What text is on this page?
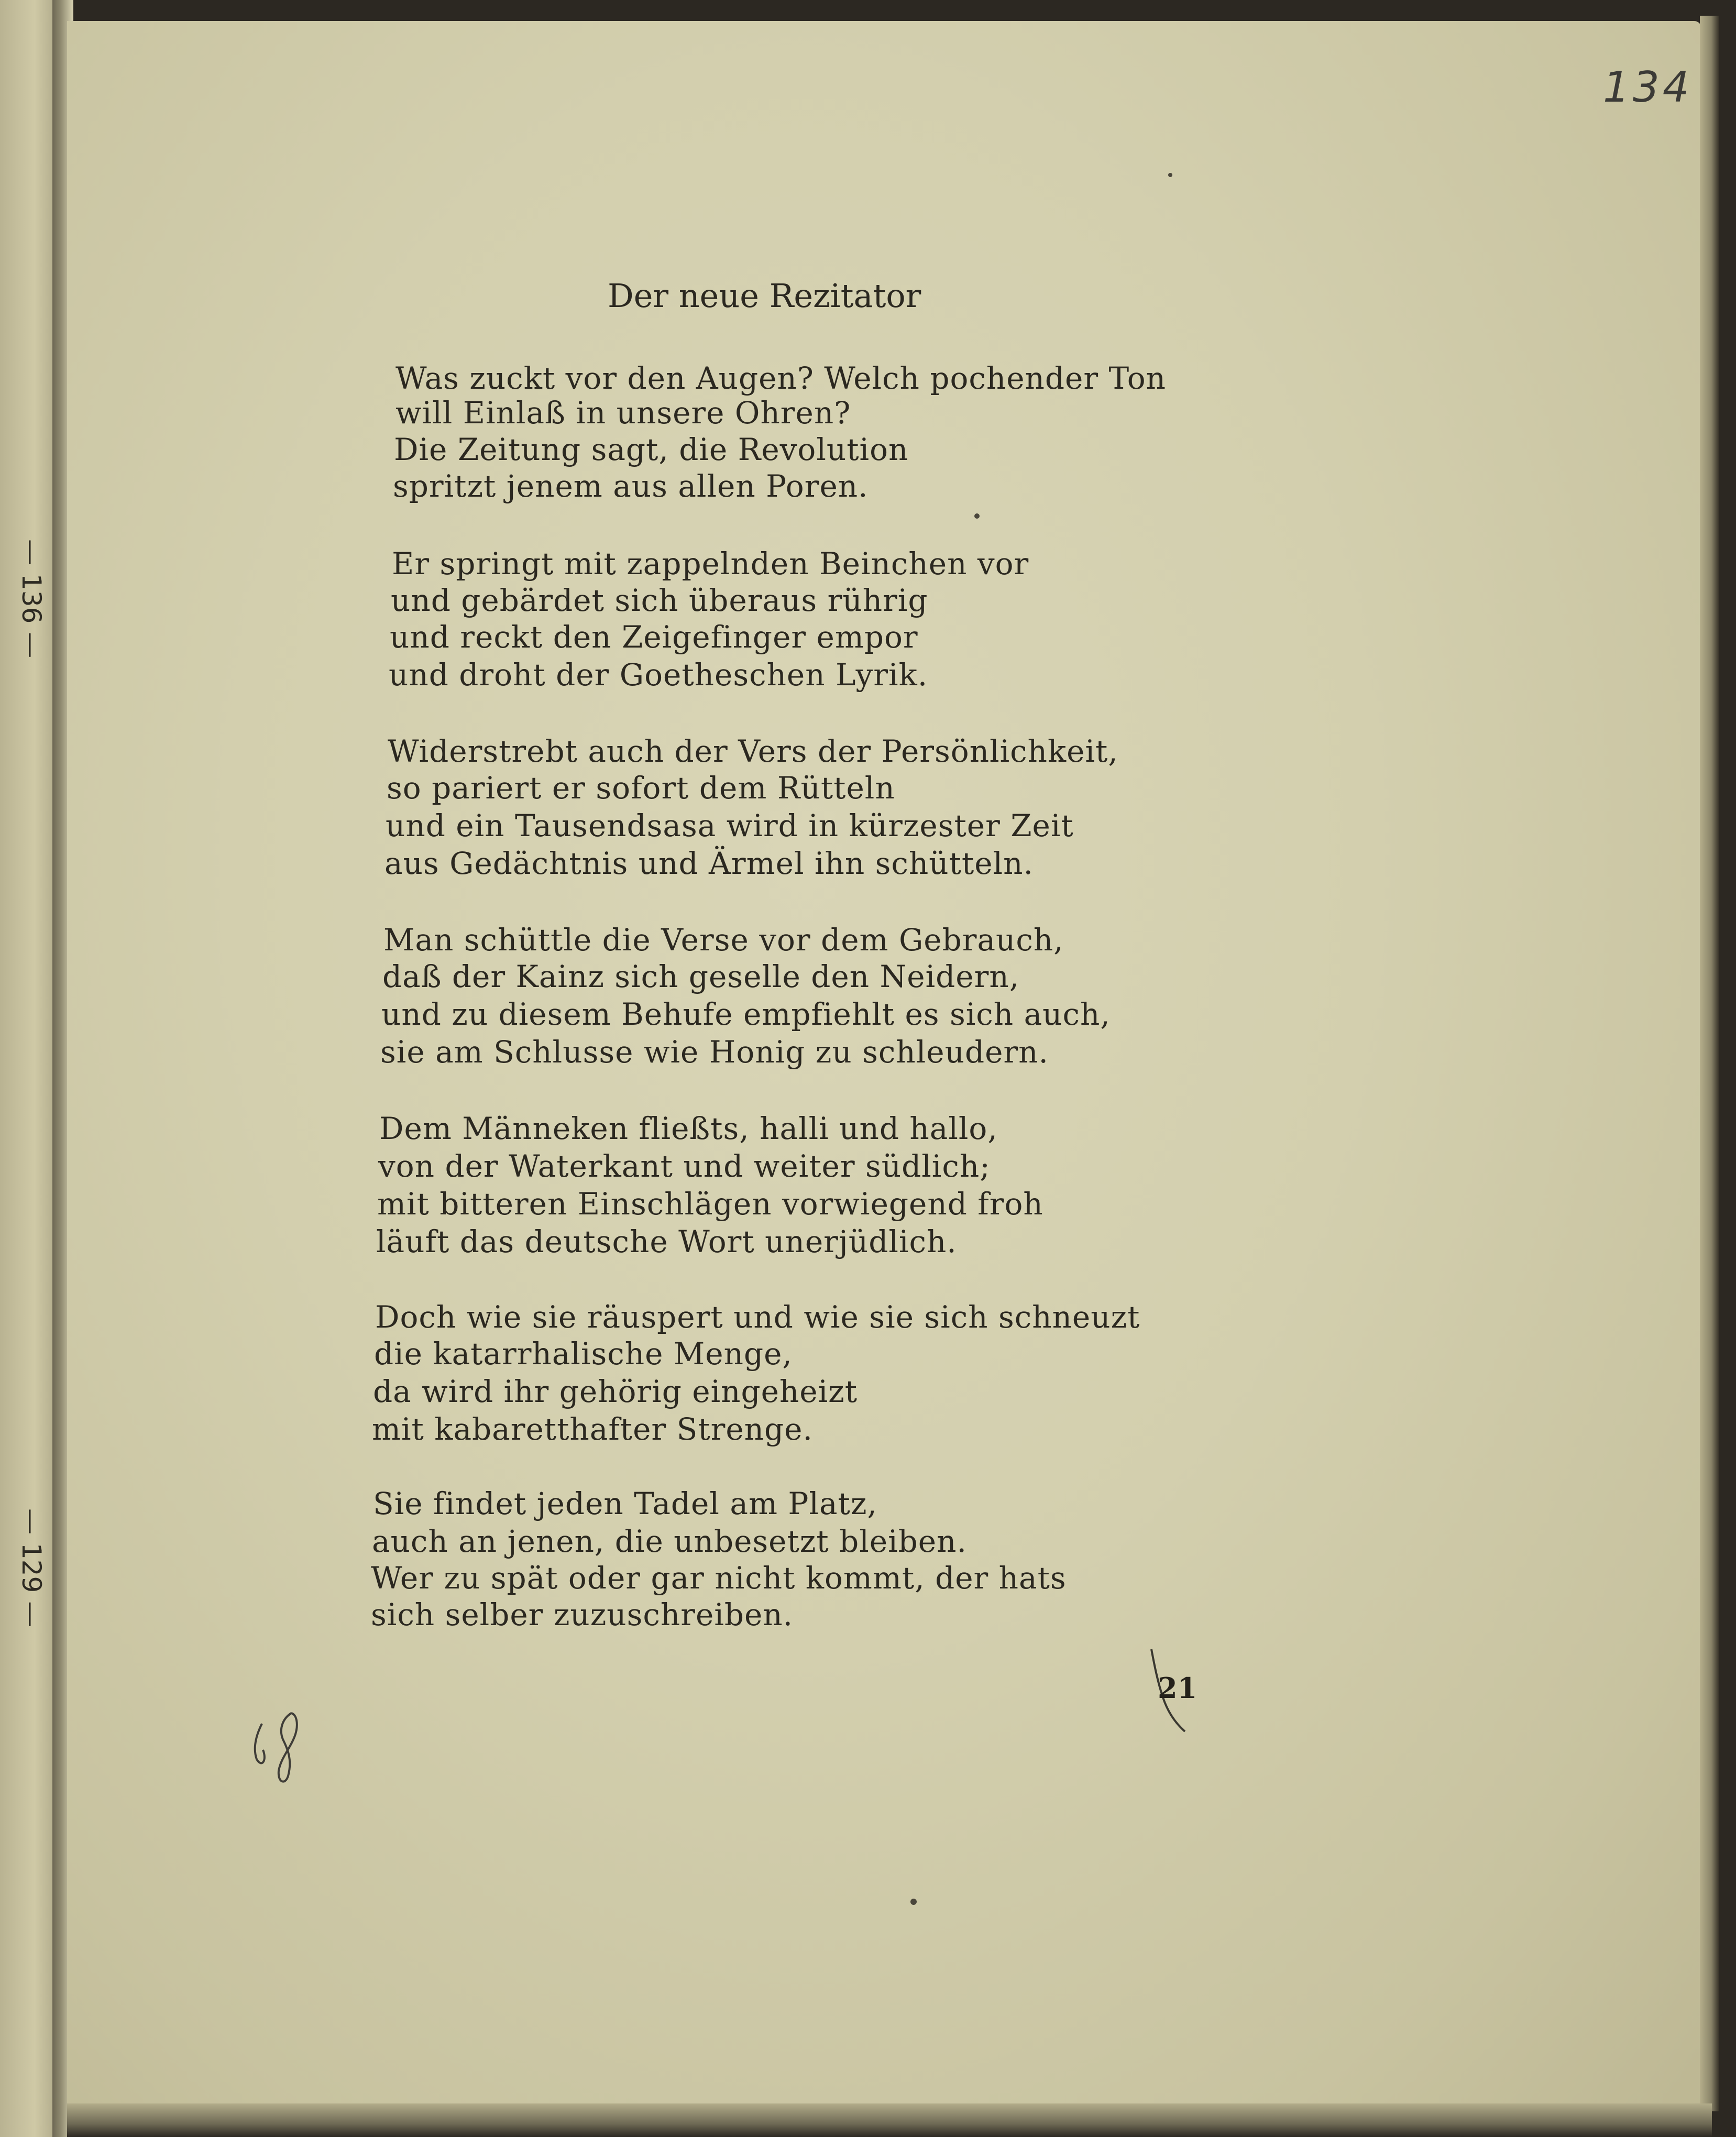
— 136 —
— 129 —
134
Der neue Rezitator
Was zuckt vor den Augen? Welch pochender Ton
will Einlaß in unsere Ohren?
Die Zeitung sagt, die Revolution
spritzt jenem aus allen Poren.
Er springt mit zappelnden Beinchen vor
und gebärdet sich überaus rührig
und reckt den Zeigefinger empor
und droht der Goetheschen Lyrik.
Widerstrebt auch der Vers der Persönlichkeit,
so pariert er sofort dem Rütteln
und ein Tausendsasa wird in kürzester Zeit
aus Gedächtnis und Ärmel ihn schütteln.
Man schüttle die Verse vor dem Gebrauch,
daß der Kainz sich geselle den Neidern,
und zu diesem Behufe empfiehlt es sich auch,
sie am Schlusse wie Honig zu schleudern.
Dem Männeken fließts, halli und hallo,
von der Waterkant und weiter südlich;
mit bitteren Einschlägen vorwiegend froh
läuft das deutsche Wort unerjüdlich.
Doch wie sie räuspert und wie sie sich schneuzt
die katarrhalische Menge,
da wird ihr gehörig eingeheizt
mit kabaretthafter Strenge.
Sie findet jeden Tadel am Platz,
auch an jenen, die unbesetzt bleiben.
Wer zu spät oder gar nicht kommt, der hats
sich selber zuzuschreiben.
21
